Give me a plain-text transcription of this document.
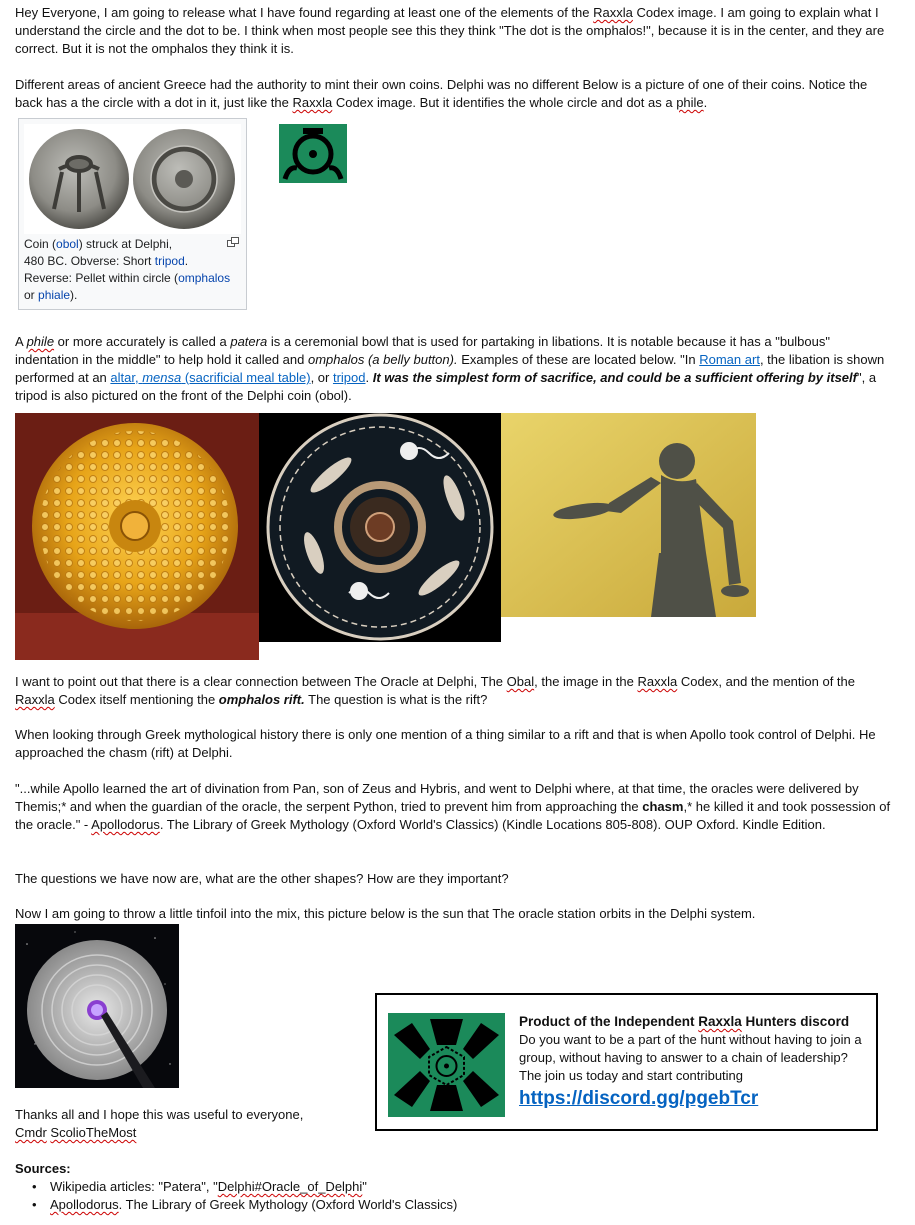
Hey Everyone, I am going to release what I have found regarding at least one of the elements of the Raxxla Codex image. I am going to explain what I understand the circle and the dot to be. I think when most people see this they think "The dot is the omphalos!", because it is in the center, and they are correct. But it is not the omphalos they think it is.

Different areas of ancient Greece had the authority to mint their own coins. Delphi was no different Below is a picture of one of their coins. Notice the back has a the circle with a dot in it, just like the Raxxla Codex image. But it identifies the whole circle and dot as a phile.

Coin (obol) struck at Delphi,
480 BC. Obverse: Short tripod.
Reverse: Pellet within circle (omphalos
or phiale).

A phile or more accurately is called a patera is a ceremonial bowl that is used for partaking in libations. It is notable because it has a "bulbous" indentation in the middle" to help hold it called and omphalos (a belly button). Examples of these are located below. "In Roman art, the libation is shown performed at an altar, mensa (sacrificial meal table), or tripod. It was the simplest form of sacrifice, and could be a sufficient offering by itself", a tripod is also pictured on the front of the Delphi coin (obol).

I want to point out that there is a clear connection between The Oracle at Delphi, The Obal, the image in the Raxxla Codex, and the mention of the Raxxla Codex itself mentioning the omphalos rift. The question is what is the rift?

When looking through Greek mythological history there is only one mention of a thing similar to a rift and that is when Apollo took control of Delphi. He approached the chasm (rift) at Delphi.

"...while Apollo learned the art of divination from Pan, son of Zeus and Hybris, and went to Delphi where, at that time, the oracles were delivered by Themis;* and when the guardian of the oracle, the serpent Python, tried to prevent him from approaching the chasm,* he killed it and took possession of the oracle." - Apollodorus. The Library of Greek Mythology (Oxford World's Classics) (Kindle Locations 805-808). OUP Oxford. Kindle Edition.

The questions we have now are, what are the other shapes? How are they important?

Now I am going to throw a little tinfoil into the mix, this picture below is the sun that The oracle station orbits in the Delphi system.

Product of the Independent Raxxla Hunters discord
Do you want to be a part of the hunt without having to join a group, without having to answer to a chain of leadership? The join us today and start contributing
https://discord.gg/pgebTcr

Thanks all and I hope this was useful to everyone,

Cmdr ScolioTheMost

Sources:

• Wikipedia articles: "Patera", "Delphi#Oracle_of_Delphi"
• Apollodorus. The Library of Greek Mythology (Oxford World's Classics)
